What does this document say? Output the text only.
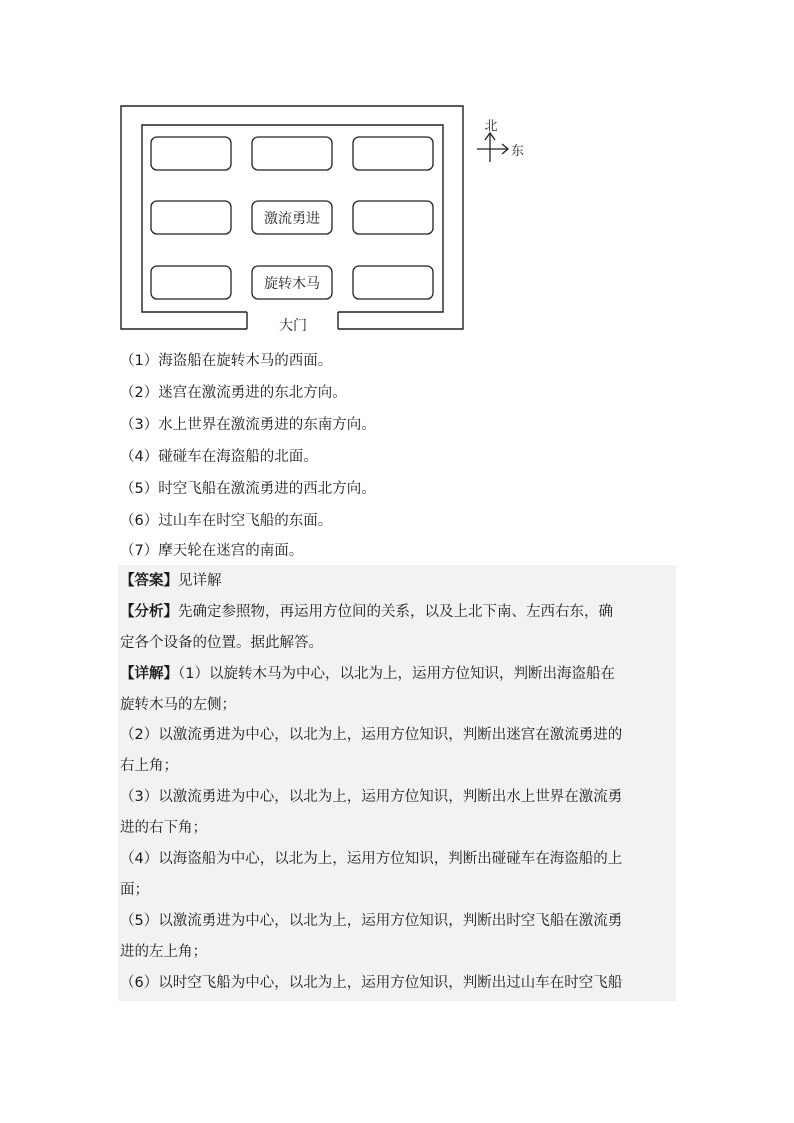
激流勇进
旋转木马
大门
北
东
（1）海盗船在旋转木马的西面。
（2）迷宫在激流勇进的东北方向。
（3）水上世界在激流勇进的东南方向。
（4）碰碰车在海盗船的北面。
（5）时空飞船在激流勇进的西北方向。
（6）过山车在时空飞船的东面。
（7）摩天轮在迷宫的南面。
【答案】见详解
【分析】先确定参照物，再运用方位间的关系，以及上北下南、左西右东，确
定各个设备的位置。据此解答。
【详解】（1）以旋转木马为中心，以北为上，运用方位知识，判断出海盗船在
旋转木马的左侧；
（2）以激流勇进为中心，以北为上，运用方位知识，判断出迷宫在激流勇进的
右上角；
（3）以激流勇进为中心，以北为上，运用方位知识，判断出水上世界在激流勇
进的右下角；
（4）以海盗船为中心，以北为上，运用方位知识，判断出碰碰车在海盗船的上
面；
（5）以激流勇进为中心，以北为上，运用方位知识，判断出时空飞船在激流勇
进的左上角；
（6）以时空飞船为中心，以北为上，运用方位知识，判断出过山车在时空飞船
